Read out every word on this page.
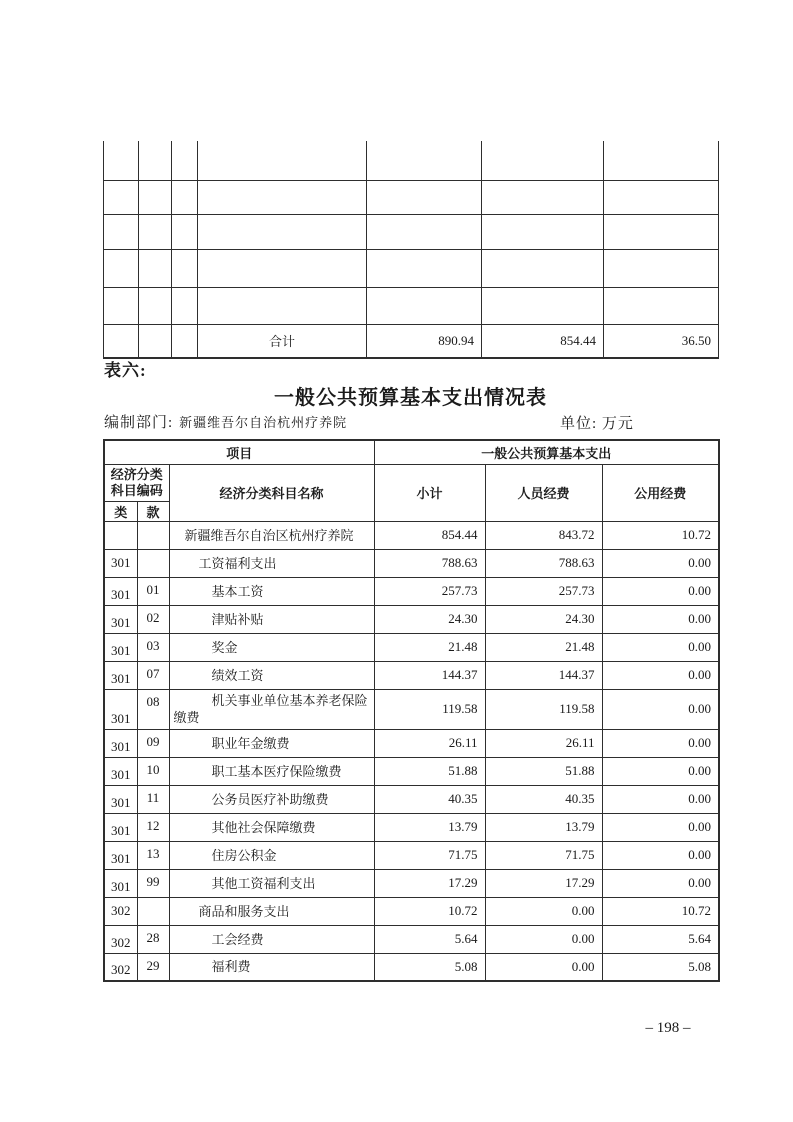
			合计	890.94	854.44	36.50
表六:
一般公共预算基本支出情况表
编制部门: 新疆维吾尔自治杭州疗养院	单位: 万元
项目			一般公共预算基本支出		

经济分类
科目编码		经济分类科目名称	小计	人员经费	公用经费
类	款				
		新疆维吾尔自治区杭州疗养院	854.44	843.72	10.72
301		工资福利支出	788.63	788.63	0.00
301	01	基本工资	257.73	257.73	0.00
301	02	津贴补贴	24.30	24.30	0.00
301	03	奖金	21.48	21.48	0.00
301	07	绩效工资	144.37	144.37	0.00
301	08	机关事业单位基本养老保险缴费	119.58	119.58	0.00
301	09	职业年金缴费	26.11	26.11	0.00
301	10	职工基本医疗保险缴费	51.88	51.88	0.00
301	11	公务员医疗补助缴费	40.35	40.35	0.00
301	12	其他社会保障缴费	13.79	13.79	0.00
301	13	住房公积金	71.75	71.75	0.00
301	99	其他工资福利支出	17.29	17.29	0.00
302		商品和服务支出	10.72	0.00	10.72
302	28	工会经费	5.64	0.00	5.64
302	29	福利费	5.08	0.00	5.08
– 198 –
